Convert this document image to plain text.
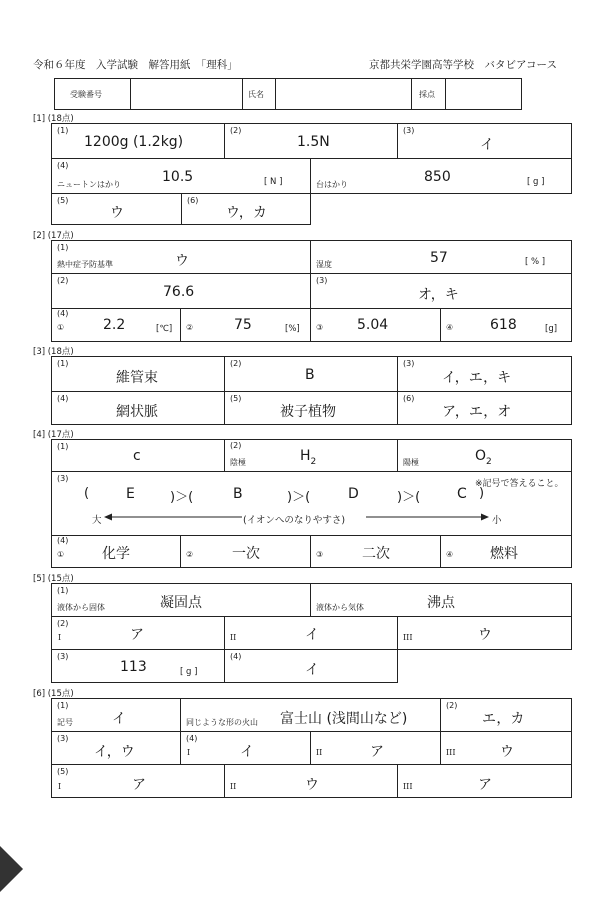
令和６年度　入学試験　解答用紙　「理科」	京都共栄学園高等学校　バタビアコース
受験番号	氏名	採点
[1] (18点)
(1)
1200g (1.2kg)
(2)
1.5N
(3)
イ
(4)
ニュートンはかり	10.5	[ N ]	台はかり	850	[ g ]
(5)
ウ
(6)
ウ，カ
[2] (17点)
(1)
熱中症予防基準	ウ	湿度	57	[ % ]
(2)
76.6
(3)
オ，キ
(4)
①	2.2	[℃] ②	75	[%] ③ 5.04	④	618	[g]
[3] (18点)
(1)
維管束
(2)
B
(3)
イ，エ，キ
(4)
網状脈
(5)
被子植物
(6)
ア，エ，オ
[4] (17点)
(1)
c
(2)
陰極	$H_2$	陽極	$O_2$
(3)
※記号で答えること。
(	E	)＞(	B	)＞(	D	)＞(	C )
大	(イオンへのなりやすさ)	小
(4)
①	化学	②	一次	③	二次	④	燃料
[5] (15点)
(1)
液体から固体	凝固点	液体から気体	沸点
(2)
I	ア	II	イ	III	ウ
(3)
113	[ g ]
(4)
イ
[6] (15点)
(1)
記号	イ	同じような形の火山 富士山 (浅間山など)
(2)
エ，カ
(3)
イ，ウ
(4)
I	イ	II	ア	III	ウ
(5)
I	ア	II	ウ	III	ア
